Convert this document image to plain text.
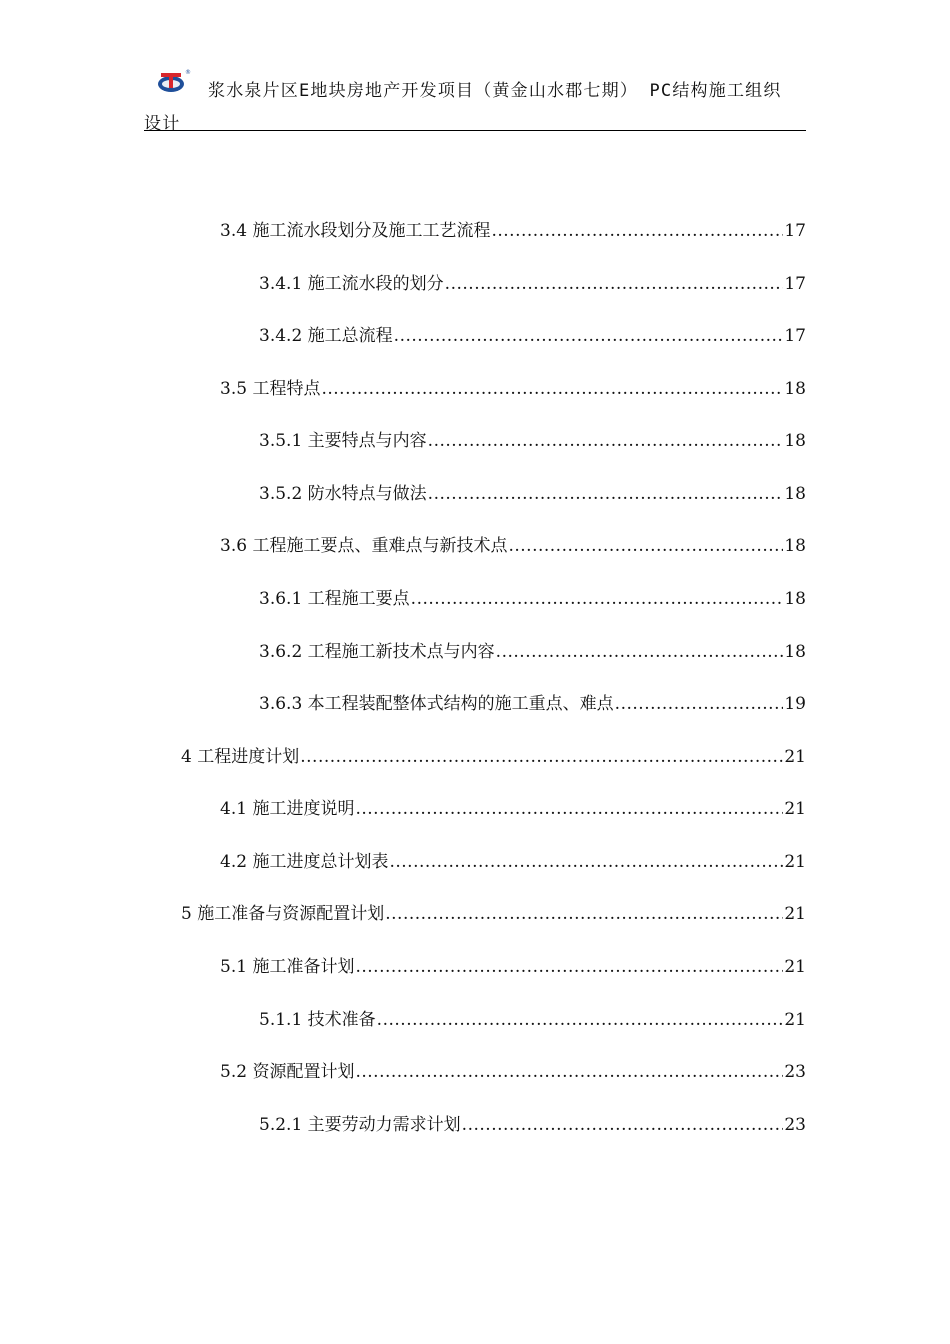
®
浆水泉片区E地块房地产开发项目（黄金山水郡七期） PC结构施工组织
设计
3.4 施工流水段划分及施工工艺流程 .....	17
3.4.1 施工流水段的划分 .....	17
3.4.2 施工总流程 .....	17
3.5 工程特点 .....	18
3.5.1 主要特点与内容 .....	18
3.5.2 防水特点与做法 .....	18
3.6 工程施工要点、重难点与新技术点 .....	18
3.6.1 工程施工要点 .....	18
3.6.2 工程施工新技术点与内容 .....	18
3.6.3 本工程装配整体式结构的施工重点、难点 .....	19
4 工程进度计划 .....	21
4.1 施工进度说明 .....	21
4.2 施工进度总计划表 .....	21
5 施工准备与资源配置计划 .....	21
5.1 施工准备计划 .....	21
5.1.1 技术准备 .....	21
5.2 资源配置计划 .....	23
5.2.1 主要劳动力需求计划 .....	23
